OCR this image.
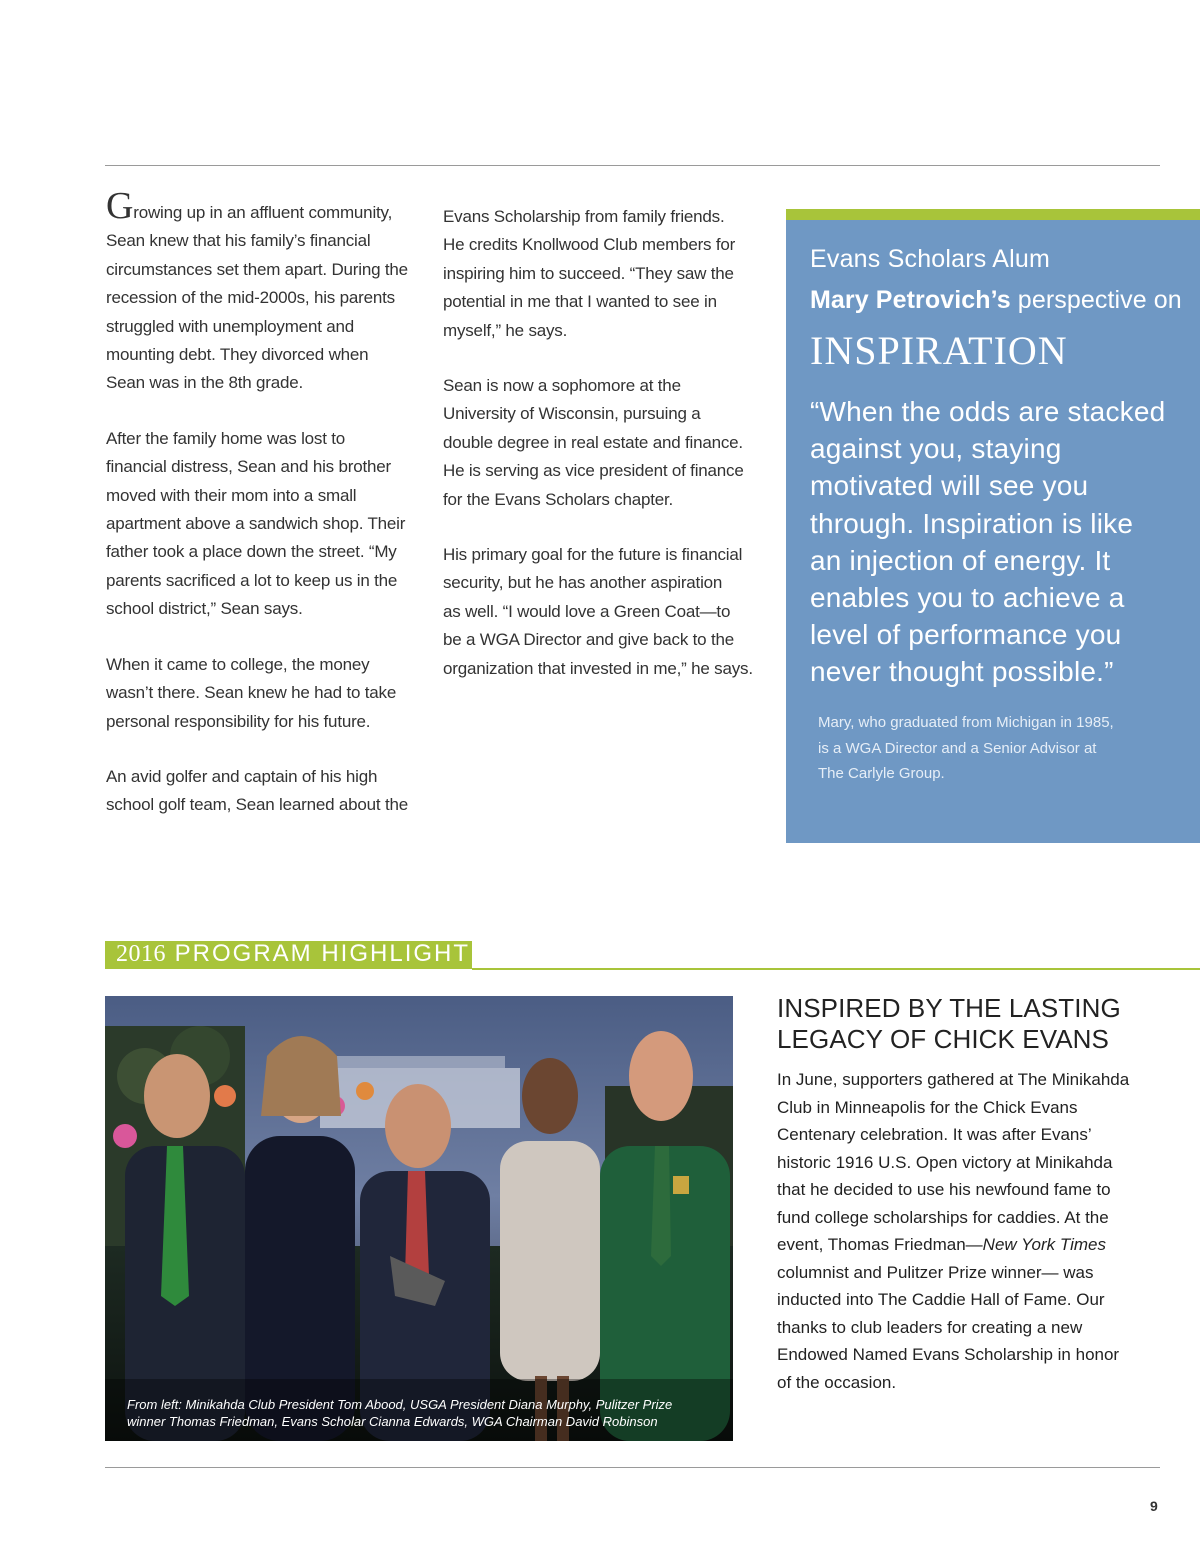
Growing up in an affluent community,
Sean knew that his family’s financial
circumstances set them apart. During the
recession of the mid-2000s, his parents
struggled with unemployment and
mounting debt. They divorced when
Sean was in the 8th grade.

After the family home was lost to
financial distress, Sean and his brother
moved with their mom into a small
apartment above a sandwich shop. Their
father took a place down the street. “My
parents sacrificed a lot to keep us in the
school district,” Sean says.

When it came to college, the money
wasn’t there. Sean knew he had to take
personal responsibility for his future.

An avid golfer and captain of his high
school golf team, Sean learned about the

Evans Scholarship from family friends.
He credits Knollwood Club members for
inspiring him to succeed. “They saw the
potential in me that I wanted to see in
myself,” he says.

Sean is now a sophomore at the
University of Wisconsin, pursuing a
double degree in real estate and finance.
He is serving as vice president of finance
for the Evans Scholars chapter.

His primary goal for the future is financial
security, but he has another aspiration
as well. “I would love a Green Coat—to
be a WGA Director and give back to the
organization that invested in me,” he says.

Evans Scholars Alum
Mary Petrovich’s perspective on
INSPIRATION
“When the odds are stacked
against you, staying
motivated will see you
through. Inspiration is like
an injection of energy. It
enables you to achieve a
level of performance you
never thought possible.”
Mary, who graduated from Michigan in 1985,
is a WGA Director and a Senior Advisor at
The Carlyle Group.
2016 PROGRAM HIGHLIGHT
From left: Minikahda Club President Tom Abood, USGA President Diana Murphy, Pulitzer Prize
winner Thomas Friedman, Evans Scholar Cianna Edwards, WGA Chairman David Robinson
INSPIRED BY THE LASTING
LEGACY OF CHICK EVANS

In June, supporters gathered at The Minikahda Club in Minneapolis for the Chick Evans Centenary celebration. It was after Evans’ historic 1916 U.S. Open victory at Minikahda that he decided to use his newfound fame to fund college scholarships for caddies. At the event, Thomas Friedman—New York Times columnist and Pulitzer Prize winner— was inducted into The Caddie Hall of Fame. Our thanks to club leaders for creating a new Endowed Named Evans Scholarship in honor of the occasion.

9
